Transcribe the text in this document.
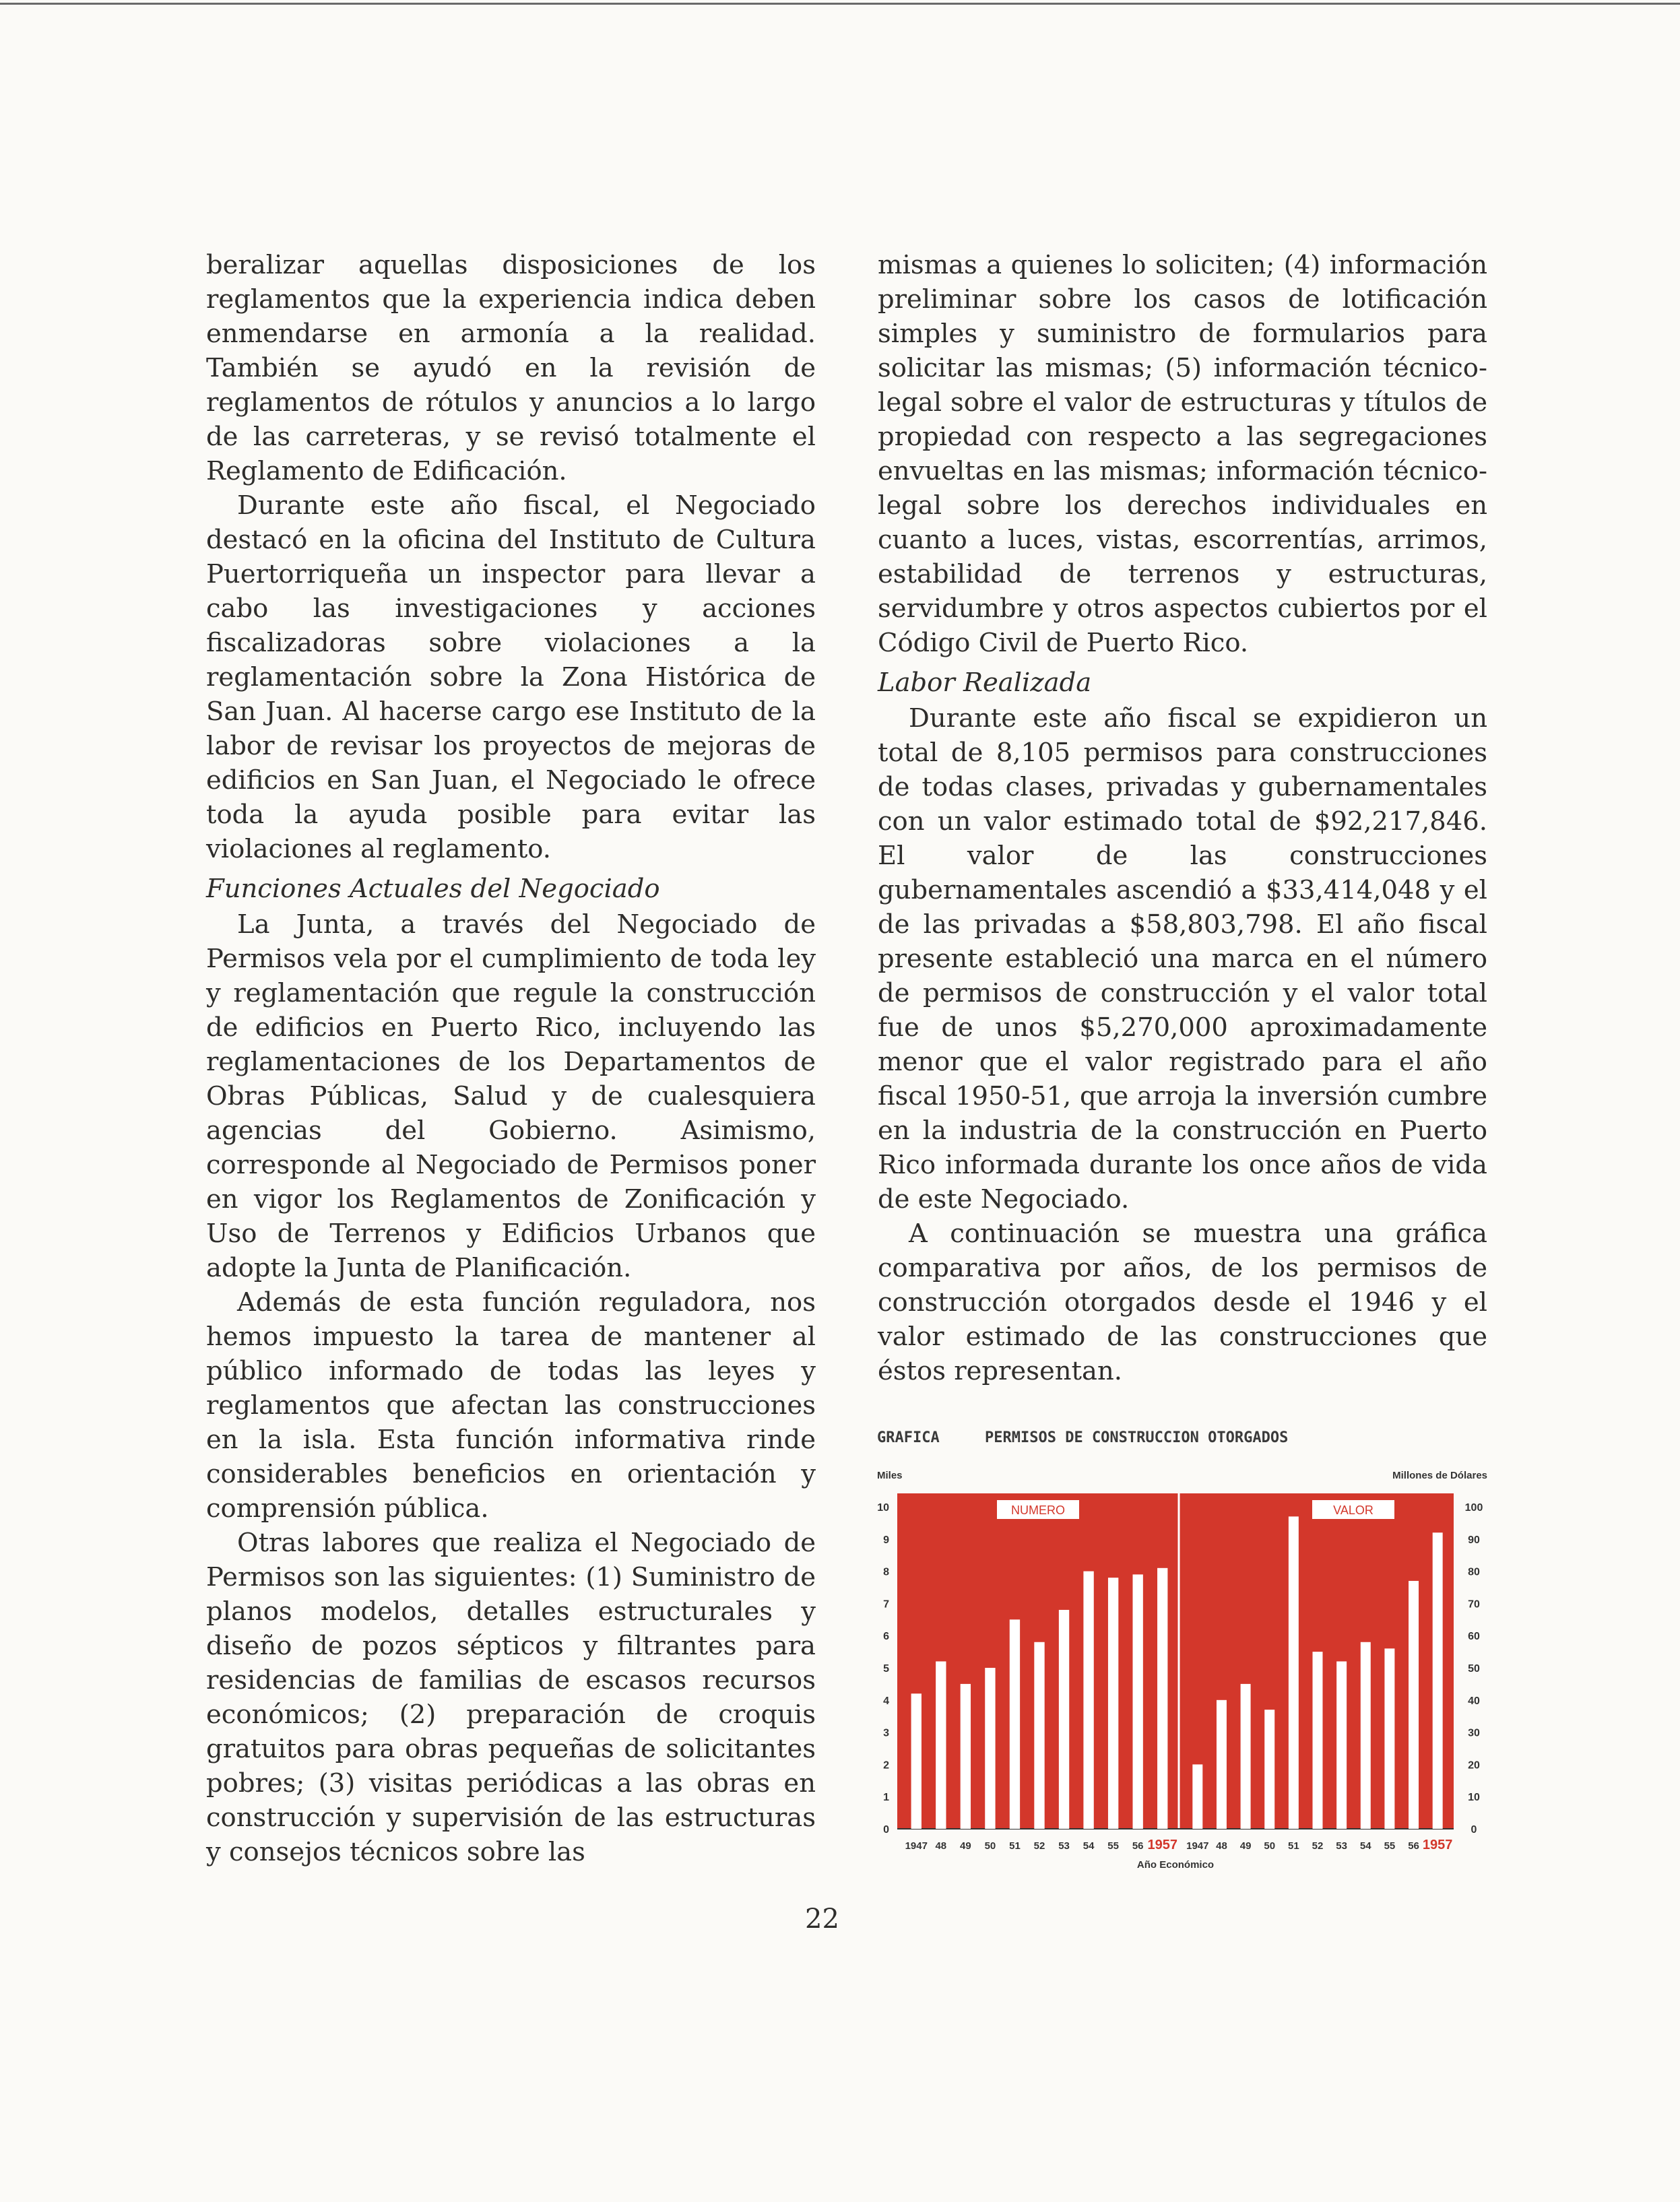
beralizar aquellas disposiciones de los reglamentos que la experiencia indica deben enmendarse en armonía a la realidad. También se ayudó en la revisión de reglamentos de rótulos y anuncios a lo largo de las carreteras, y se revisó totalmente el Reglamento de Edificación.

Durante este año fiscal, el Negociado destacó en la oficina del Instituto de Cultura Puertorriqueña un inspector para llevar a cabo las investigaciones y acciones fiscalizadoras sobre violaciones a la reglamentación sobre la Zona Histórica de San Juan. Al hacerse cargo ese Instituto de la labor de revisar los proyectos de mejoras de edificios en San Juan, el Negociado le ofrece toda la ayuda posible para evitar las violaciones al reglamento.

Funciones Actuales del Negociado

La Junta, a través del Negociado de Permisos vela por el cumplimiento de toda ley y reglamentación que regule la construcción de edificios en Puerto Rico, incluyendo las reglamentaciones de los Departamentos de Obras Públicas, Salud y de cualesquiera agencias del Gobierno. Asimismo, corresponde al Negociado de Permisos poner en vigor los Reglamentos de Zonificación y Uso de Terrenos y Edificios Urbanos que adopte la Junta de Planificación.

Además de esta función reguladora, nos hemos impuesto la tarea de mantener al público informado de todas las leyes y reglamentos que afectan las construcciones en la isla. Esta función informativa rinde considerables beneficios en orientación y comprensión pública.

Otras labores que realiza el Negociado de Permisos son las siguientes: (1) Suministro de planos modelos, detalles estructurales y diseño de pozos sépticos y filtrantes para residencias de familias de escasos recursos económicos; (2) preparación de croquis gratuitos para obras pequeñas de solicitantes pobres; (3) visitas periódicas a las obras en construcción y supervisión de las estructuras y consejos técnicos sobre las

mismas a quienes lo soliciten; (4) información preliminar sobre los casos de lotificación simples y suministro de formularios para solicitar las mismas; (5) información técnico-legal sobre el valor de estructuras y títulos de propiedad con respecto a las segregaciones envueltas en las mismas; información técnico-legal sobre los derechos individuales en cuanto a luces, vistas, escorrentías, arrimos, estabilidad de terrenos y estructuras, servidumbre y otros aspectos cubiertos por el Código Civil de Puerto Rico.

Labor Realizada

Durante este año fiscal se expidieron un total de 8,105 permisos para construcciones de todas clases, privadas y gubernamentales con un valor estimado total de $92,217,846. El valor de las construcciones gubernamentales ascendió a $33,414,048 y el de las privadas a $58,803,798. El año fiscal presente estableció una marca en el número de permisos de construcción y el valor total fue de unos $5,270,000 aproximadamente menor que el valor registrado para el año fiscal 1950-51, que arroja la inversión cumbre en la industria de la construcción en Puerto Rico informada durante los once años de vida de este Negociado.

A continuación se muestra una gráfica comparativa por años, de los permisos de construcción otorgados desde el 1946 y el valor estimado de las construcciones que éstos representan.

GRAFICA	PERMISOS DE CONSTRUCCION OTORGADOS
Miles	Millones de Dólares
0
1
2
3
4
5
6
7
8
9
10
0
10
20
30
40
50
60
70
80
90
100
1947 48 49 50 51 52 53 54 55 56 1957
NUMERO
1947 48 49 50 51 52 53 54 55 56 1957
VALOR
Año Económico
22
